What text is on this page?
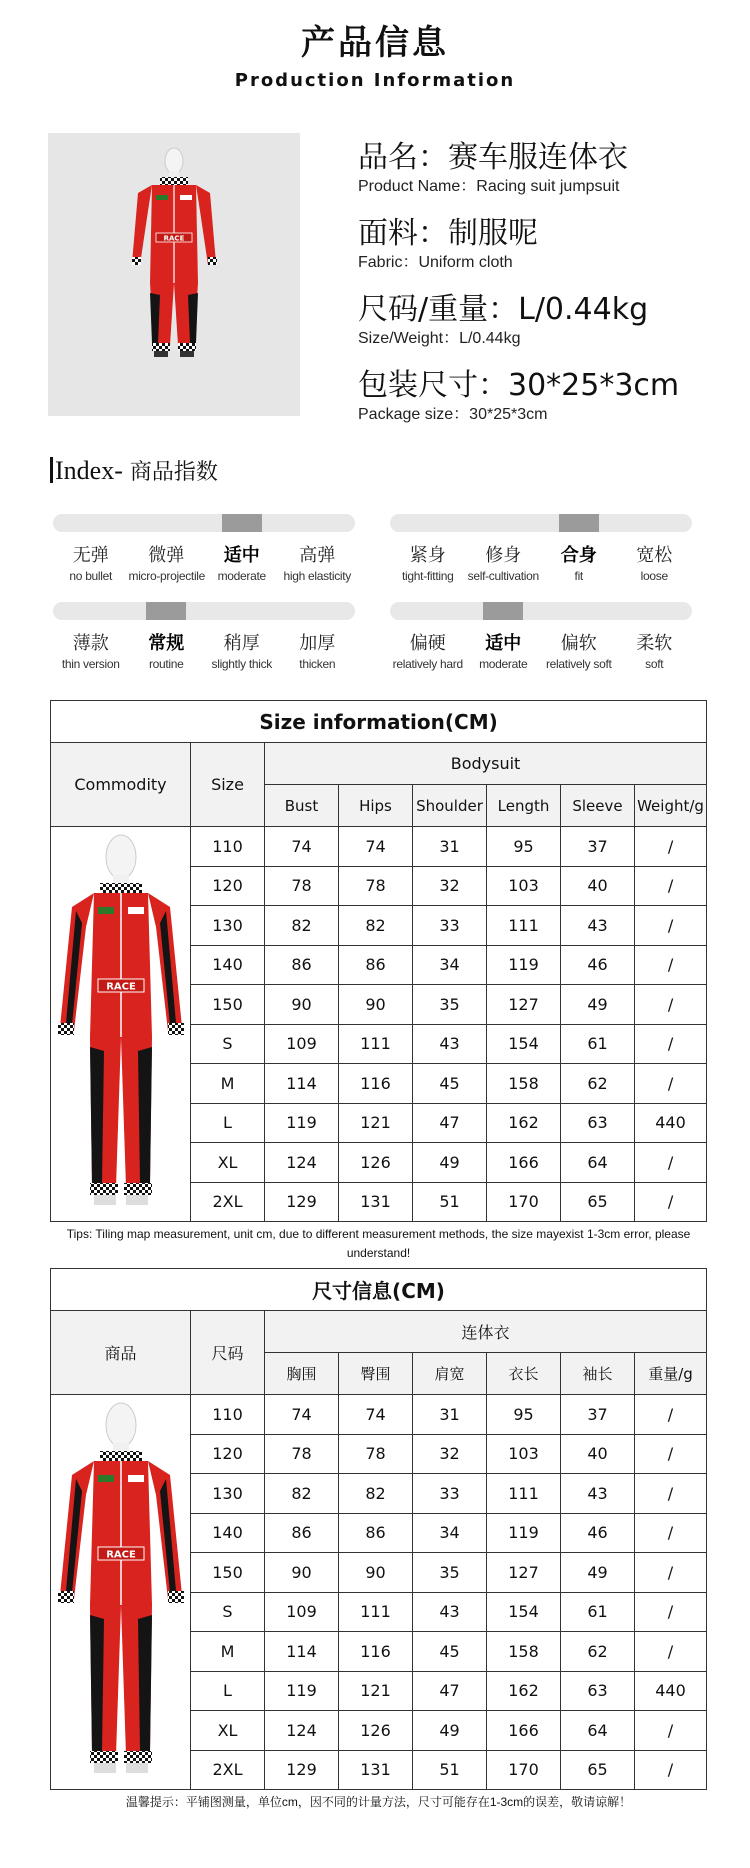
产品信息
Production Information
RACE
品名：赛车服连体衣
Product Name：Racing suit jumpsuit
面料：制服呢
Fabric：Uniform cloth
尺码/重量：L/0.44kg
Size/Weight：L/0.44kg
包装尺寸：30*25*3cm
Package size：30*25*3cm
Index- 商品指数
无弹
no bullet
微弹
micro-projectile
适中
moderate
高弹
high elasticity
紧身
tight-fitting
修身
self-cultivation
合身
fit
宽松
loose
薄款
thin version
常规
routine
稍厚
slightly thick
加厚
thicken
偏硬
relatively hard
适中
moderate
偏软
relatively soft
柔软
soft
Size information(CM)							
Commodity	Size	Bodysuit					
		Bust	Hips	Shoulder	Length	Sleeve	Weight/g

RACE	110	74	74	31	95	37	/
	120	78	78	32	103	40	/
	130	82	82	33	111	43	/
	140	86	86	34	119	46	/
	150	90	90	35	127	49	/
	S	109	111	43	154	61	/
	M	114	116	45	158	62	/
	L	119	121	47	162	63	440
	XL	124	126	49	166	64	/
	2XL	129	131	51	170	65	/
Tips: Tiling map measurement, unit cm, due to different measurement methods, the size mayexist 1-3cm error, please understand!							
尺寸信息(CM)							
商品	尺码	连体衣					
		胸围	臀围	肩宽	衣长	袖长	重量/g

RACE	110	74	74	31	95	37	/
	120	78	78	32	103	40	/
	130	82	82	33	111	43	/
	140	86	86	34	119	46	/
	150	90	90	35	127	49	/
	S	109	111	43	154	61	/
	M	114	116	45	158	62	/
	L	119	121	47	162	63	440
	XL	124	126	49	166	64	/
	2XL	129	131	51	170	65	/
温馨提示：平铺图测量，单位cm，因不同的计量方法，尺寸可能存在1-3cm的误差，敬请谅解！							
